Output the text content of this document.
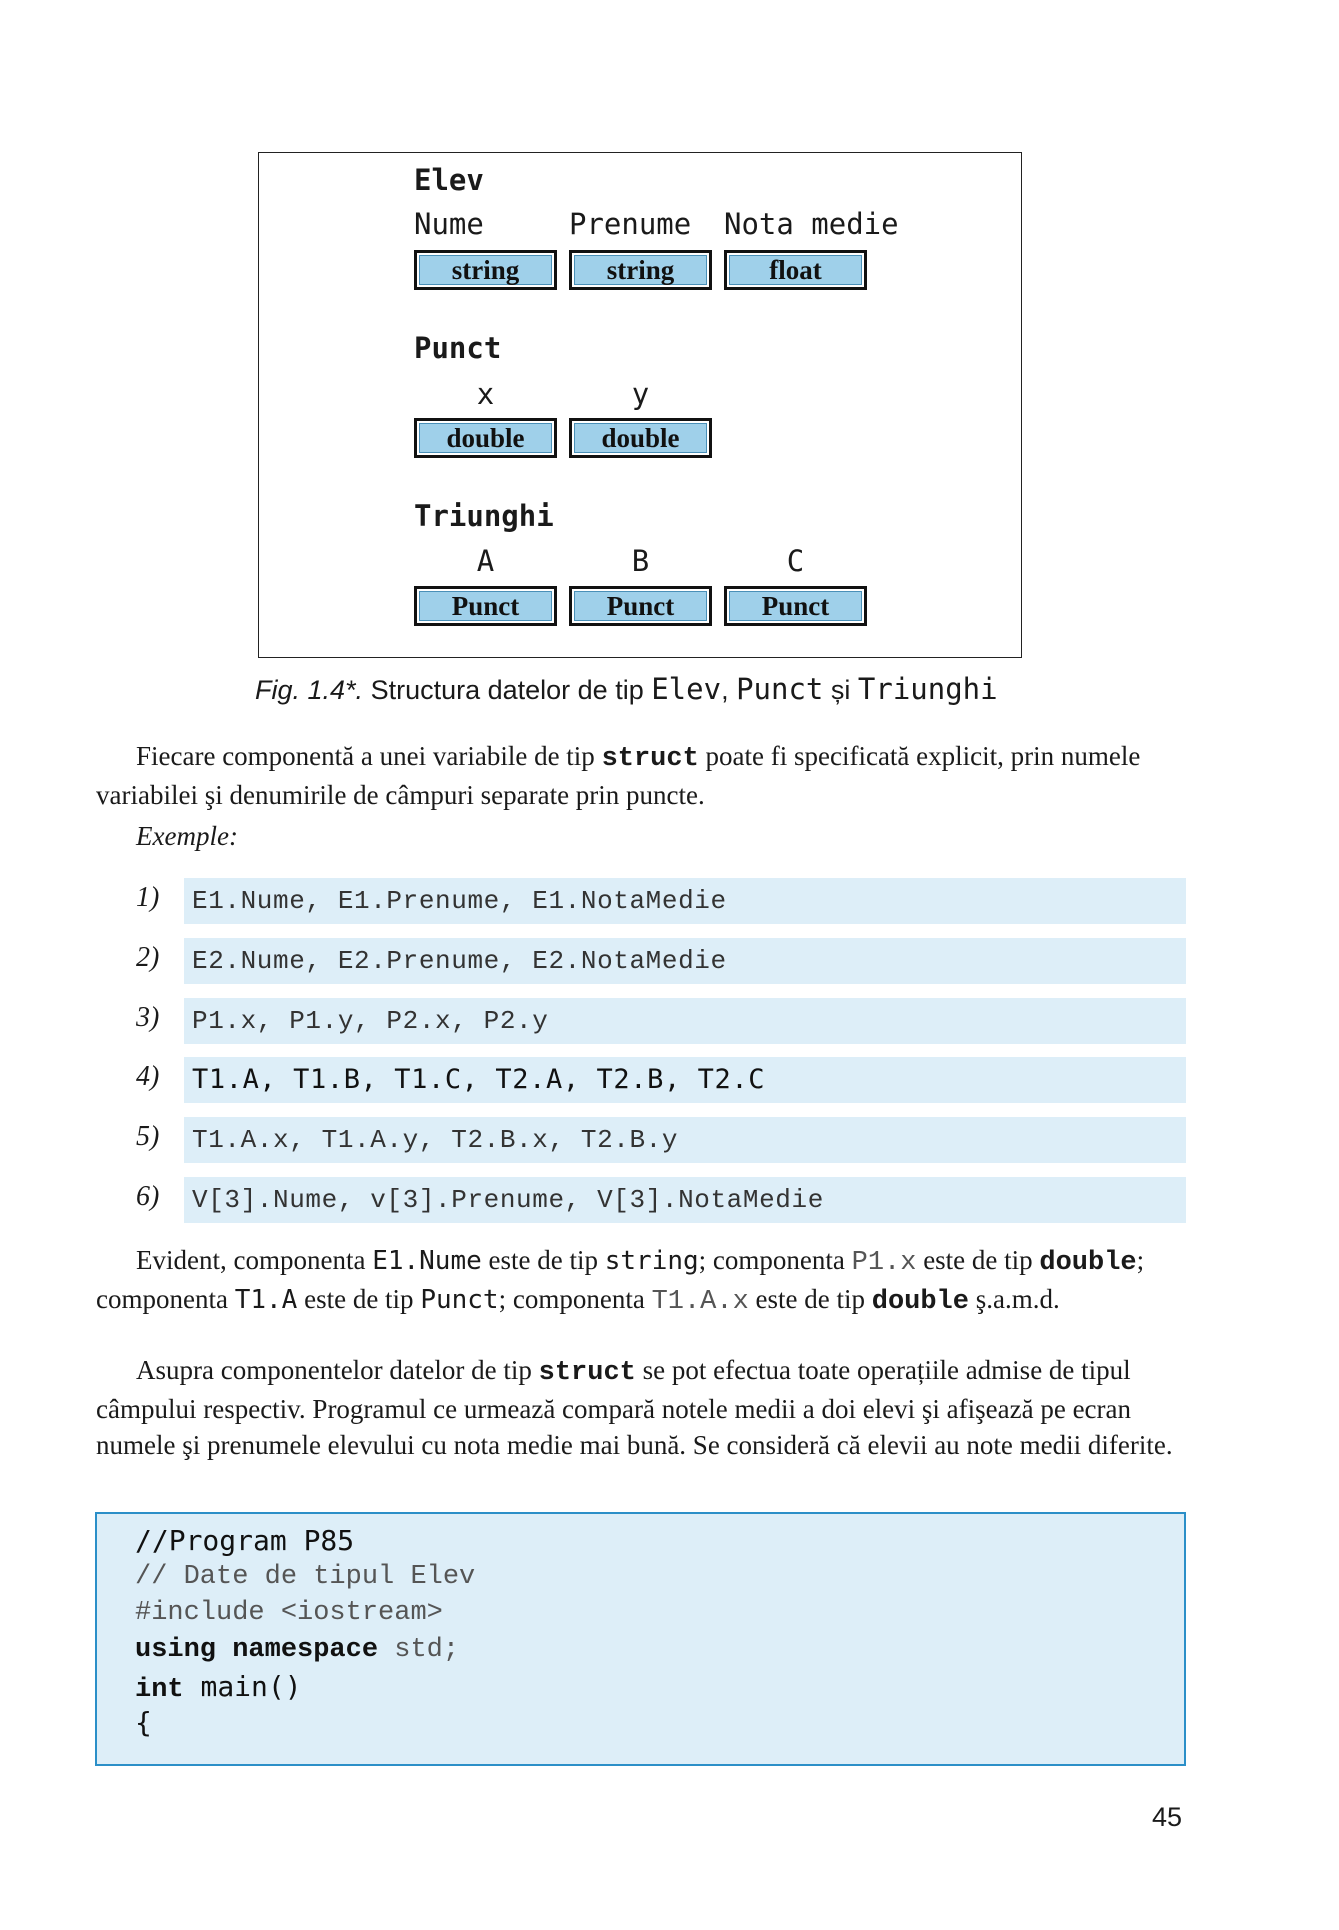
Elev
Nume	Prenume	Nota medie
string	string	float
Punct
x	y
double	double
Triunghi
A	B	C
Punct	Punct	Punct
Fig. 1.4*. Structura datelor de tip Elev, Punct și Triunghi
Fiecare componentă a unei variabile de tip struct poate fi specificată explicit, prin numele variabilei şi denumirile de câmpuri separate prin puncte.
Exemple:
1)	E1.Nume, E1.Prenume, E1.NotaMedie
2)	E2.Nume, E2.Prenume, E2.NotaMedie
3)	P1.x, P1.y, P2.x, P2.y
4) T1.A, T1.B, T1.C, T2.A, T2.B, T2.C
5)	T1.A.x, T1.A.y, T2.B.x, T2.B.y
6)	V[3].Nume, v[3].Prenume, V[3].NotaMedie
Evident, componenta E1.Nume este de tip string; componenta P1.x este de tip double; componenta T1.A este de tip Punct; componenta T1.A.x este de tip double ş.a.m.d.
Asupra componentelor datelor de tip struct se pot efectua toate operațiile admise de tipul câmpului respectiv. Programul ce urmează compară notele medii a doi elevi şi afişează pe ecran numele şi prenumele elevului cu nota medie mai bună. Se consideră că elevii au note medii diferite.
//Program P85
// Date de tipul Elev
#include <iostream>
using namespace std;
int main()
{
45
